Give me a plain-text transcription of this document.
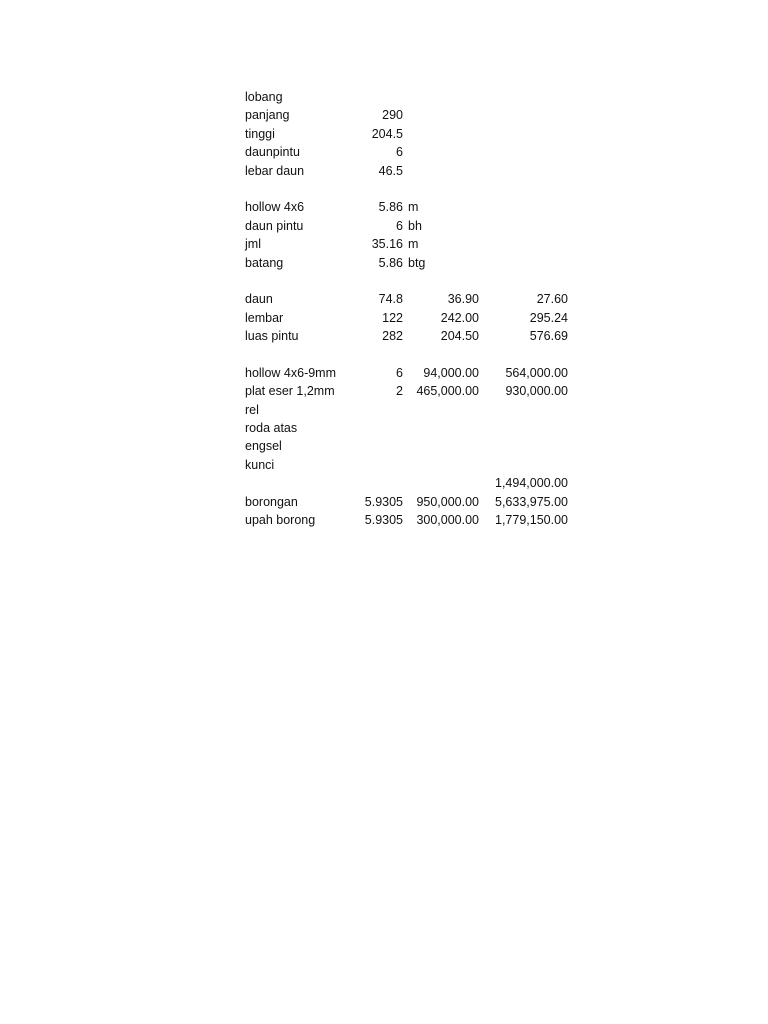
lobang
panjang	290
tinggi	204.5
daunpintu	6
lebar daun	46.5
hollow 4x6	5.86 m
daun pintu	6 bh
jml	35.16 m
batang	5.86 btg
daun	74.8	36.90	27.60
lembar	122	242.00	295.24
luas pintu	282	204.50	576.69
hollow 4x6-9mm	6 94,000.00 564,000.00
plat eser 1,2mm	2 465,000.00 930,000.00
rel
roda atas
engsel
kunci
1,494,000.00
borongan	5.9305 950,000.00 5,633,975.00
upah borong	5.9305 300,000.00 1,779,150.00
